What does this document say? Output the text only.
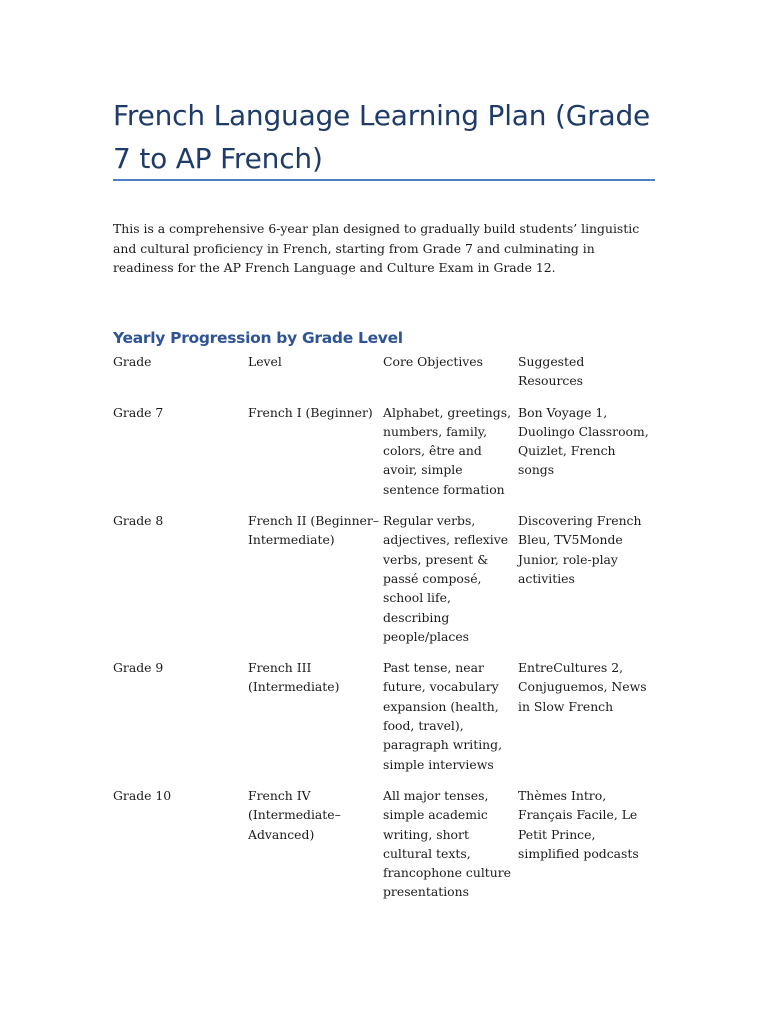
French Language Learning Plan (Grade 7 to AP French)

This is a comprehensive 6-year plan designed to gradually build students’ linguistic and cultural proficiency in French, starting from Grade 7 and culminating in readiness for the AP French Language and Culture Exam in Grade 12.

Yearly Progression by Grade Level
Grade	Level	Core Objectives	Suggested Resources
Grade 7	French I (Beginner)	Alphabet, greetings, numbers, family, colors, être and avoir, simple sentence formation	Bon Voyage 1, Duolingo Classroom, Quizlet, French songs
Grade 8	French II (Beginner–Intermediate)	Regular verbs, adjectives, reflexive verbs, present & passé composé, school life, describing people/places	Discovering French Bleu, TV5Monde Junior, role-play activities
Grade 9	French III (Intermediate)	Past tense, near future, vocabulary expansion (health, food, travel), paragraph writing, simple interviews	EntreCultures 2, Conjuguemos, News in Slow French
Grade 10	French IV (Intermediate–Advanced)	All major tenses, simple academic writing, short cultural texts, francophone culture presentations	Thèmes Intro, Français Facile, Le Petit Prince, simplified podcasts
